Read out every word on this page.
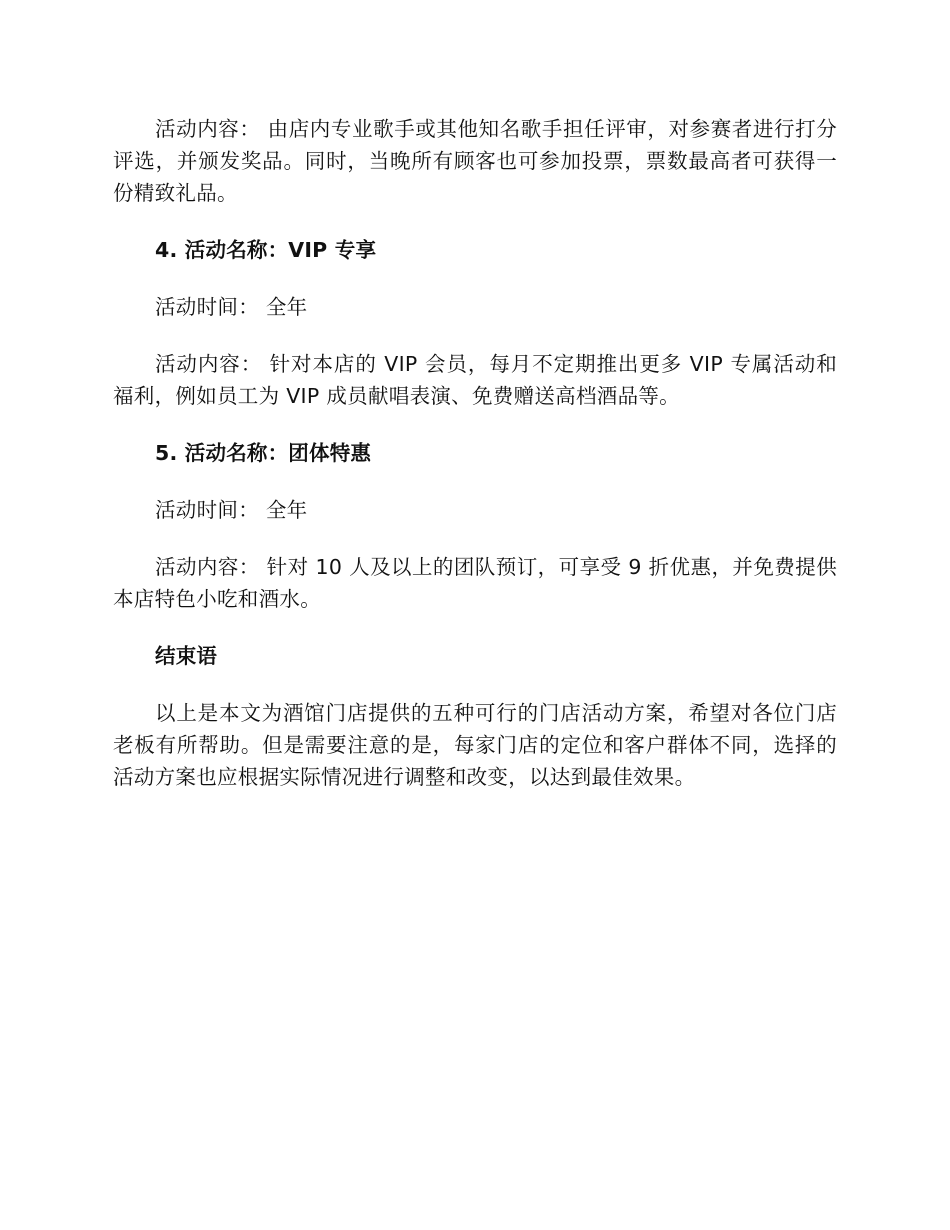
活动内容： 由店内专业歌手或其他知名歌手担任评审，对参赛者进行打分评选，并颁发奖品。同时，当晚所有顾客也可参加投票，票数最高者可获得一份精致礼品。

4. 活动名称：VIP 专享

活动时间： 全年

活动内容： 针对本店的 VIP 会员，每月不定期推出更多 VIP 专属活动和福利，例如员工为 VIP 成员献唱表演、免费赠送高档酒品等。

5. 活动名称：团体特惠

活动时间： 全年

活动内容： 针对 10 人及以上的团队预订，可享受 9 折优惠，并免费提供本店特色小吃和酒水。

结束语

以上是本文为酒馆门店提供的五种可行的门店活动方案，希望对各位门店老板有所帮助。但是需要注意的是，每家门店的定位和客户群体不同，选择的活动方案也应根据实际情况进行调整和改变，以达到最佳效果。
